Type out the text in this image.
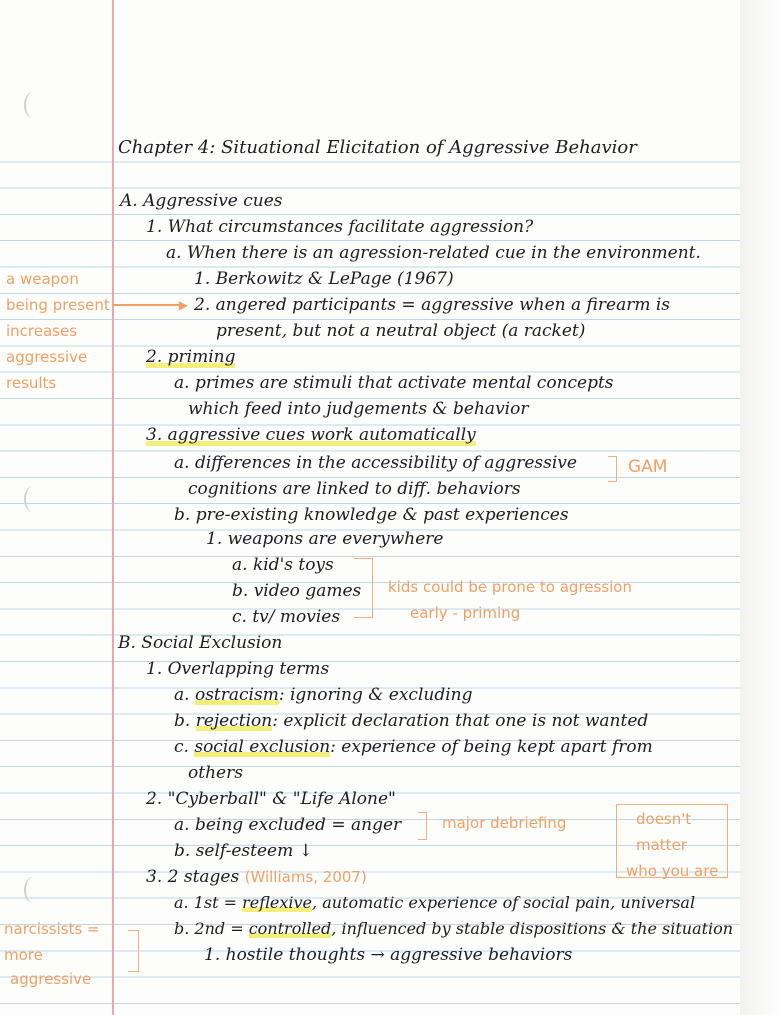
Chapter 4: Situational Elicitation of Aggressive Behavior
A. Aggressive cues
1. What circumstances facilitate aggression?
a. When there is an agression-related cue in the environment.
1. Berkowitz & LePage (1967)
2. angered participants = aggressive when a firearm is
present, but not a neutral object (a racket)
2. priming
a. primes are stimuli that activate mental concepts
which feed into judgements & behavior
3. aggressive cues work automatically
a. differences in the accessibility of aggressive
cognitions are linked to diff. behaviors
b. pre-existing knowledge & past experiences
1. weapons are everywhere
a. kid's toys
b. video games
c. tv/ movies
B. Social Exclusion
1. Overlapping terms
a. ostracism: ignoring & excluding
b. rejection: explicit declaration that one is not wanted
c. social exclusion: experience of being kept apart from
others
2. "Cyberball" & "Life Alone"
a. being excluded = anger
b. self-esteem ↓
3. 2 stages (Williams, 2007)
a. 1st = reflexive, automatic experience of social pain, universal
b. 2nd = controlled, influenced by stable dispositions & the situation
1. hostile thoughts → aggressive behaviors
a weapon
being present
increases
aggressive
results
▶
GAM
kids could be prone to agression
early - priming
major debriefing	doesn't
matter
who you are
narcissists =
more
aggressive
